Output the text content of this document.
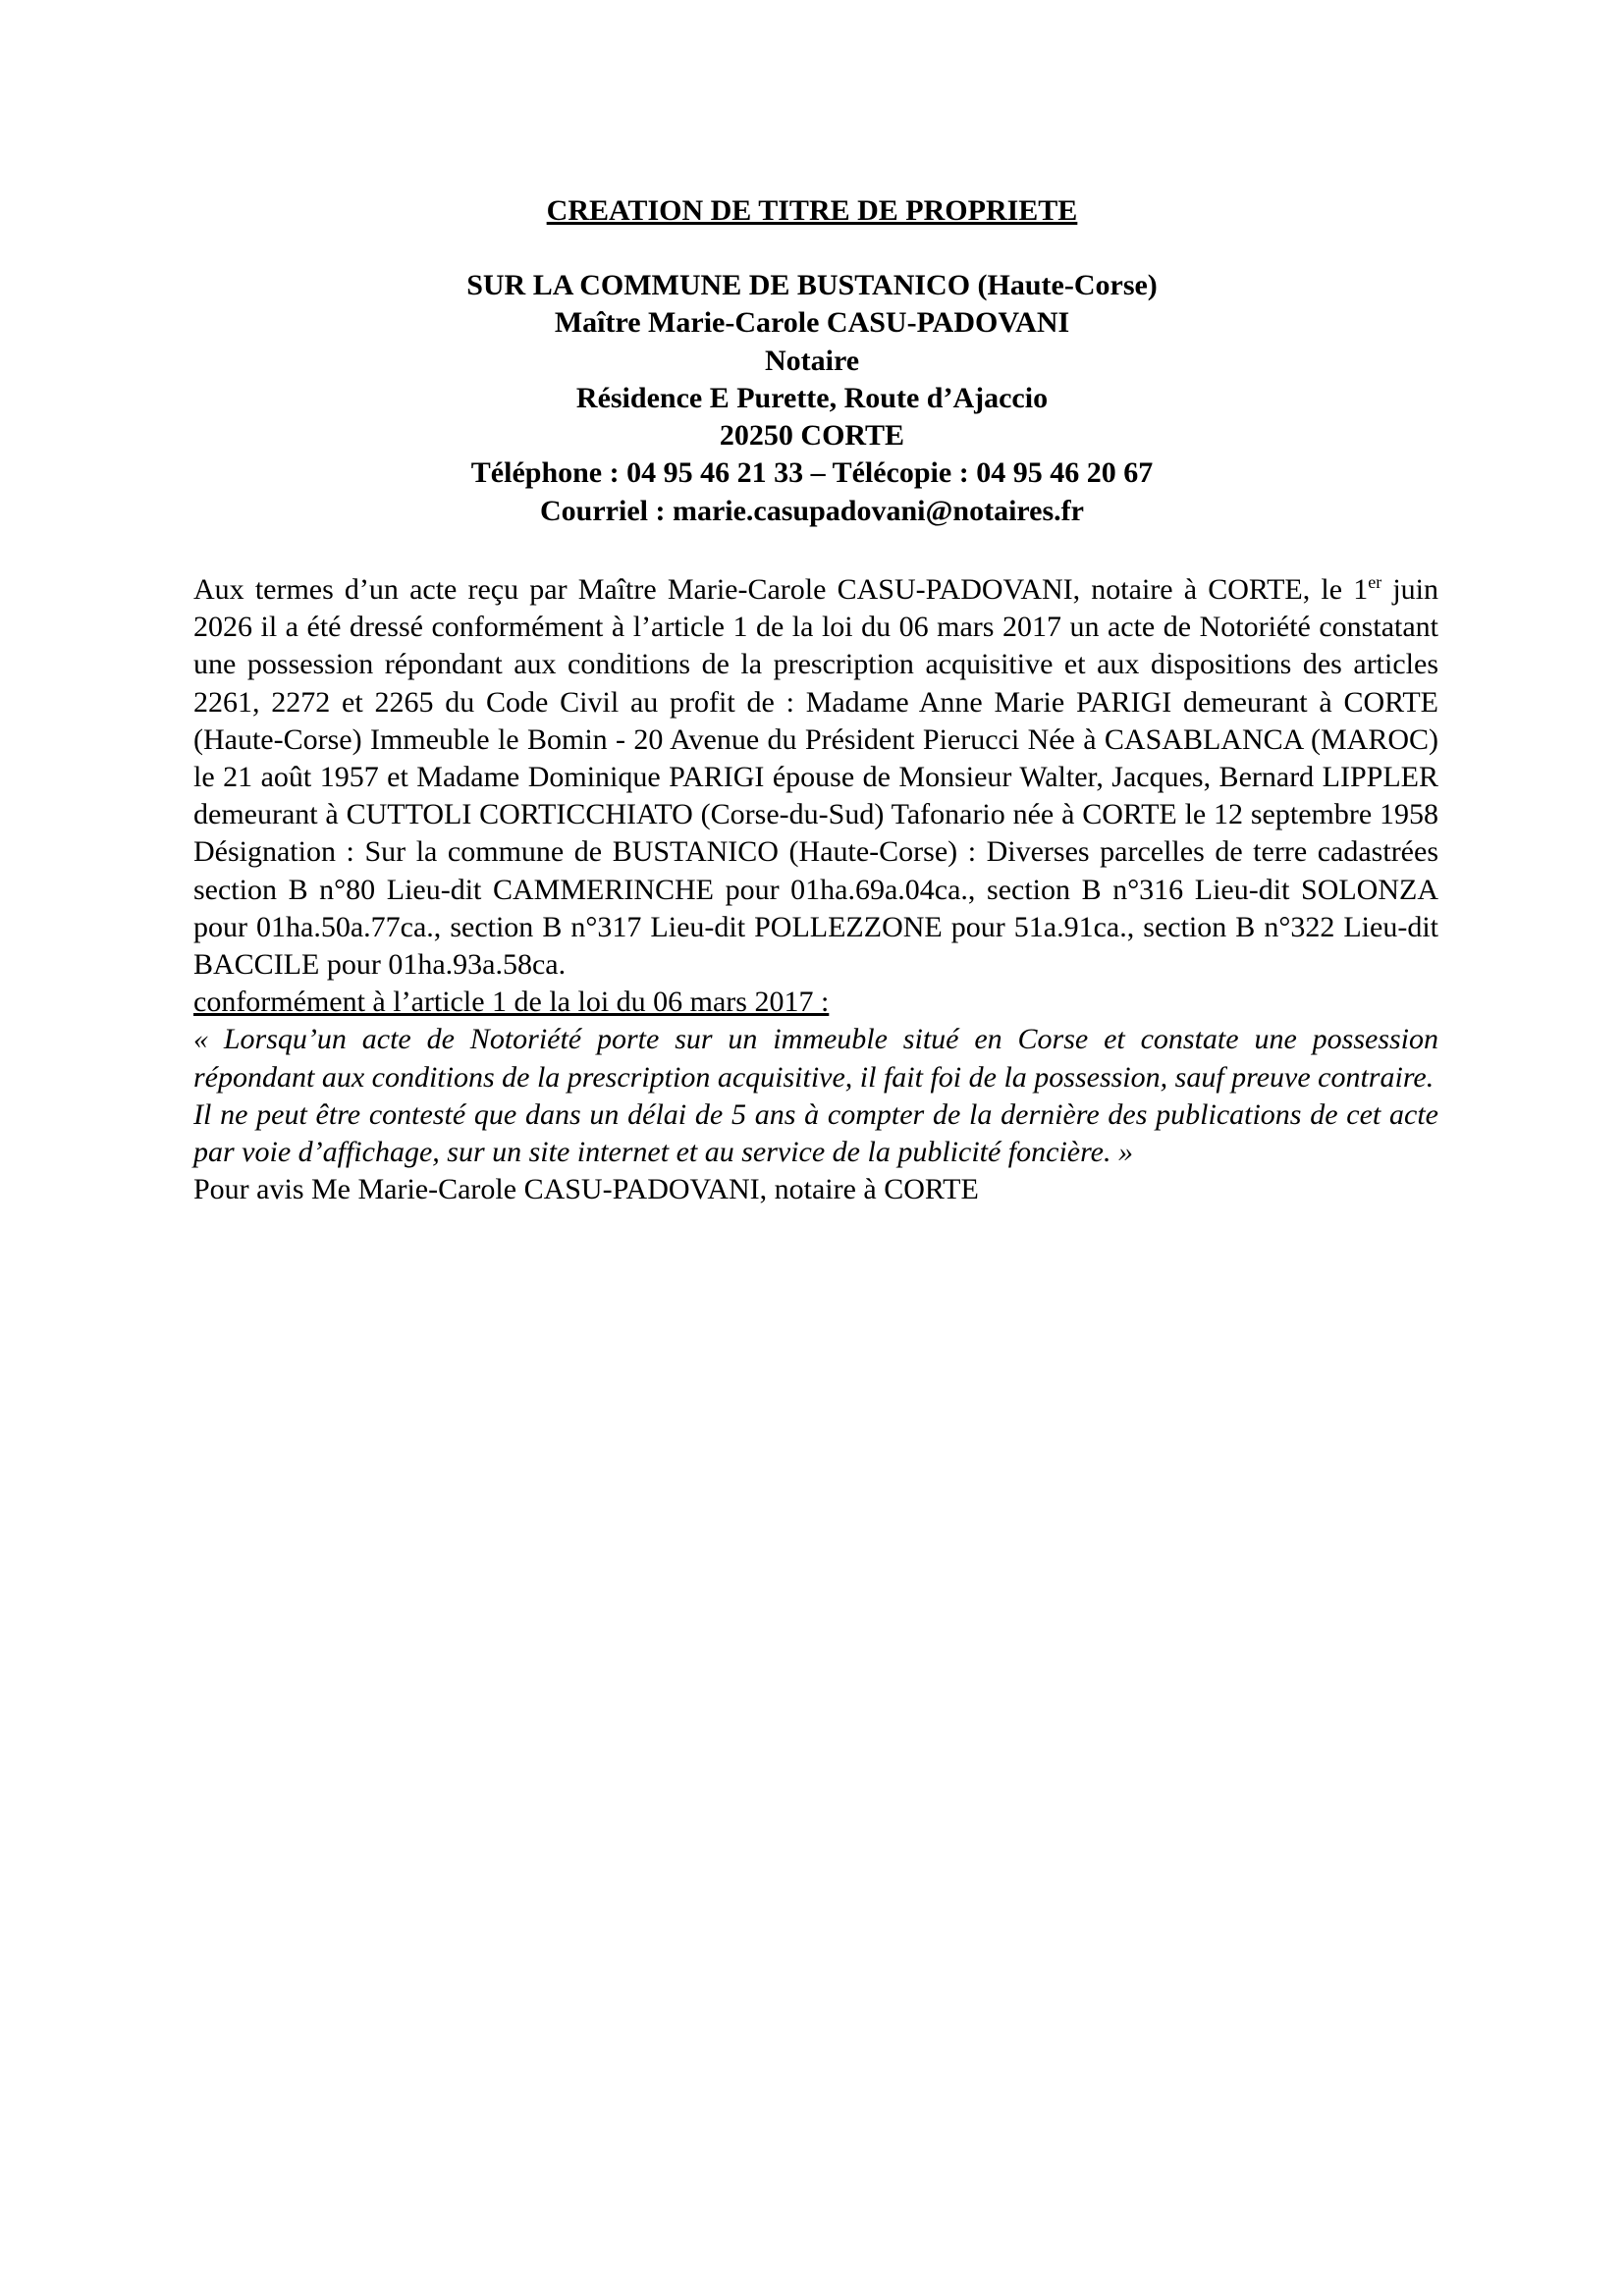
CREATION DE TITRE DE PROPRIETE
SUR LA COMMUNE DE BUSTANICO (Haute-Corse)
Maître Marie-Carole CASU-PADOVANI
Notaire
Résidence E Purette, Route d’Ajaccio
20250 CORTE
Téléphone : 04 95 46 21 33 – Télécopie : 04 95 46 20 67
Courriel : marie.casupadovani@notaires.fr

Aux termes d’un acte reçu par Maître Marie-Carole CASU-PADOVANI, notaire à CORTE, le 1er juin 2026 il a été dressé conformément à l’article 1 de la loi du 06 mars 2017 un acte de Notoriété constatant une possession répondant aux conditions de la prescription acquisitive et aux dispositions des articles 2261, 2272 et 2265 du Code Civil au profit de : Madame Anne Marie PARIGI demeurant à CORTE (Haute-Corse) Immeuble le Bomin - 20 Avenue du Président Pierucci Née à CASABLANCA (MAROC) le 21 août 1957 et Madame Dominique PARIGI épouse de Monsieur Walter, Jacques, Bernard LIPPLER demeurant à CUTTOLI CORTICCHIATO (Corse-du-Sud) Tafonario née à CORTE le 12 septembre 1958 Désignation : Sur la commune de BUSTANICO (Haute-Corse) : Diverses parcelles de terre cadastrées section B n°80 Lieu-dit CAMMERINCHE pour 01ha.69a.04ca., section B n°316 Lieu-dit SOLONZA pour 01ha.50a.77ca., section B n°317 Lieu-dit POLLEZZONE pour 51a.91ca., section B n°322 Lieu-dit BACCILE pour 01ha.93a.58ca.

conformément à l’article 1 de la loi du 06 mars 2017 :

« Lorsqu’un acte de Notoriété porte sur un immeuble situé en Corse et constate une possession répondant aux conditions de la prescription acquisitive, il fait foi de la possession, sauf preuve contraire.

Il ne peut être contesté que dans un délai de 5 ans à compter de la dernière des publications de cet acte par voie d’affichage, sur un site internet et au service de la publicité foncière. »

Pour avis Me Marie-Carole CASU-PADOVANI, notaire à CORTE
